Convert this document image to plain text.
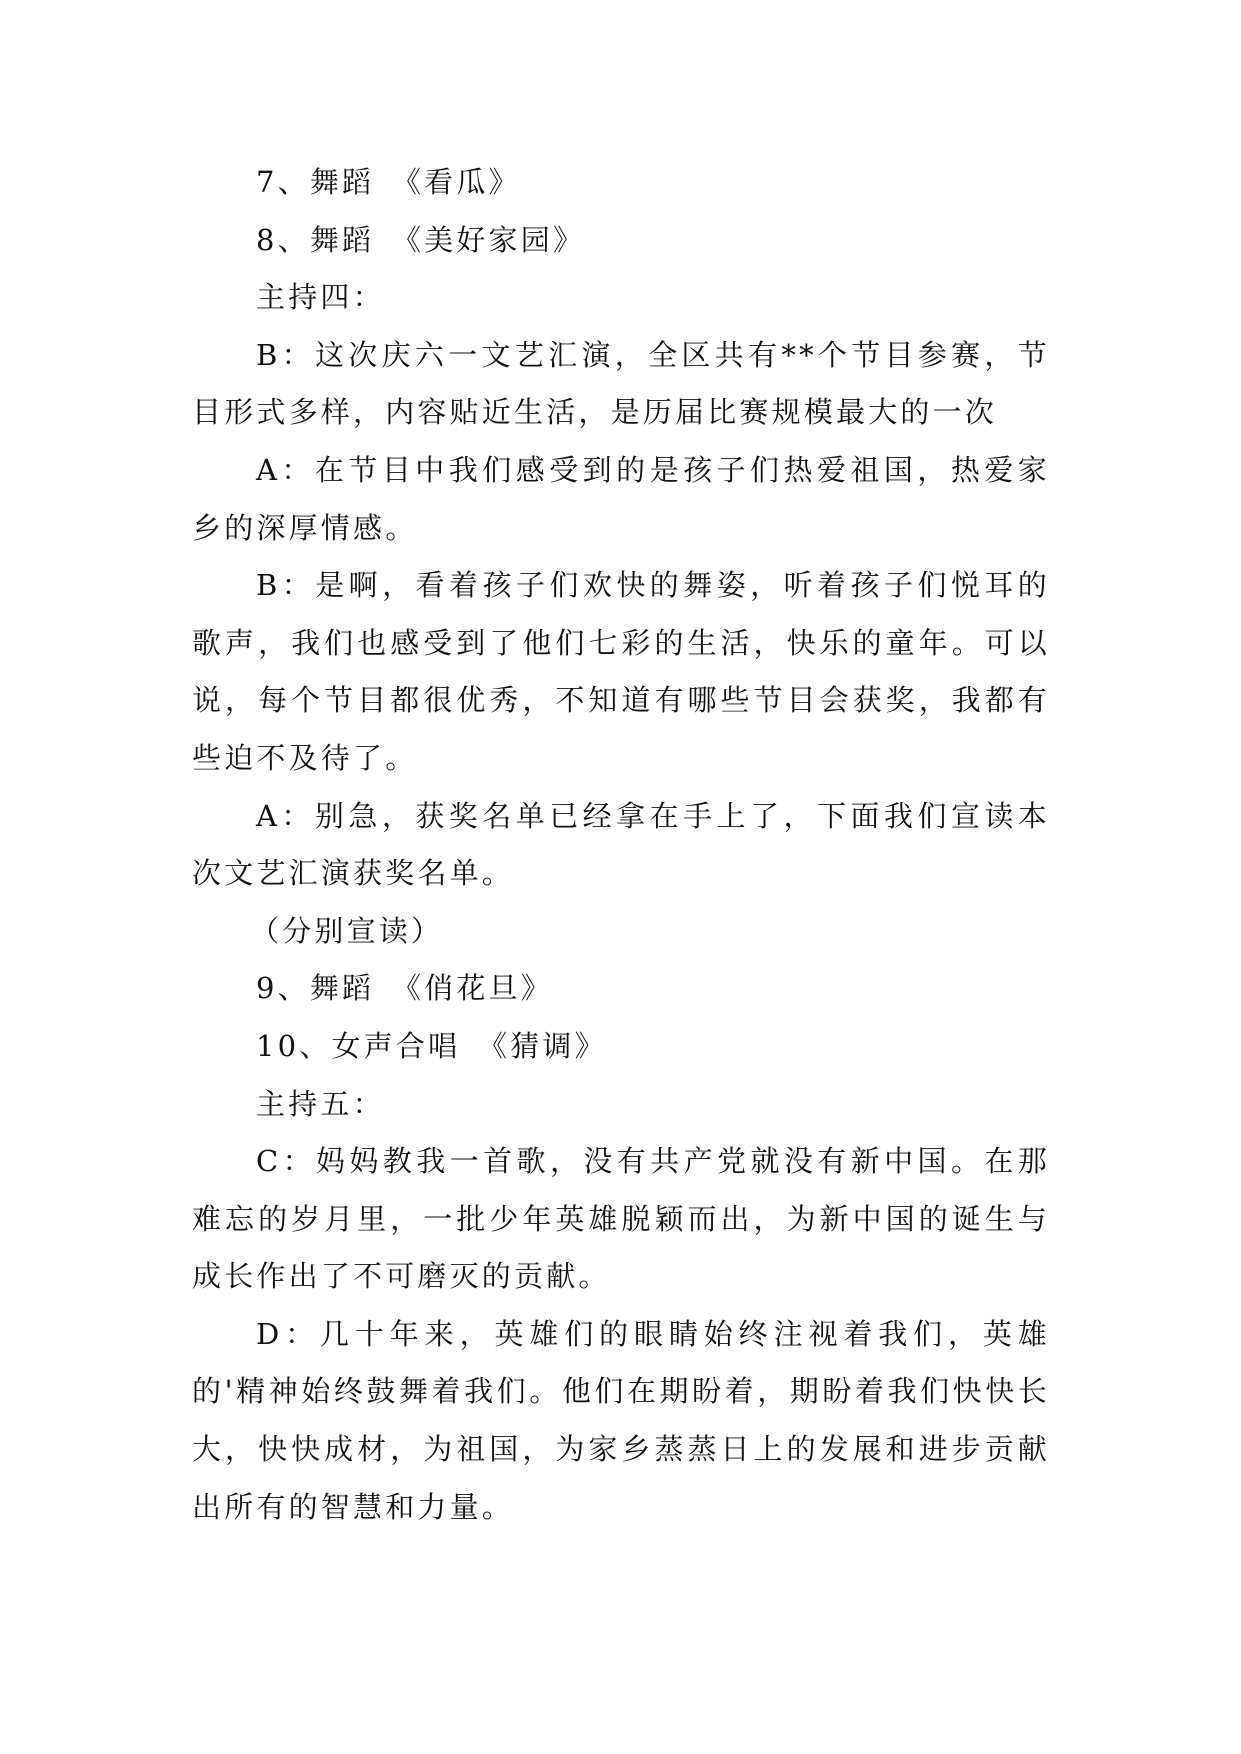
7、舞蹈　《看瓜》

8、舞蹈　《美好家园》

主持四：

B：这次庆六一文艺汇演，全区共有**个节目参赛，节目形式多样，内容贴近生活，是历届比赛规模最大的一次

A：在节目中我们感受到的是孩子们热爱祖国，热爱家乡的深厚情感。

B：是啊，看着孩子们欢快的舞姿，听着孩子们悦耳的歌声，我们也感受到了他们七彩的生活，快乐的童年。可以说，每个节目都很优秀，不知道有哪些节目会获奖，我都有些迫不及待了。

A：别急，获奖名单已经拿在手上了，下面我们宣读本次文艺汇演获奖名单。

（分别宣读）

9、舞蹈　《俏花旦》

10、女声合唱　《猜调》

主持五：

C：妈妈教我一首歌，没有共产党就没有新中国。在那难忘的岁月里，一批少年英雄脱颖而出，为新中国的诞生与成长作出了不可磨灭的贡献。

D：几十年来，英雄们的眼睛始终注视着我们，英雄的'精神始终鼓舞着我们。他们在期盼着，期盼着我们快快长大，快快成材，为祖国，为家乡蒸蒸日上的发展和进步贡献出所有的智慧和力量。
